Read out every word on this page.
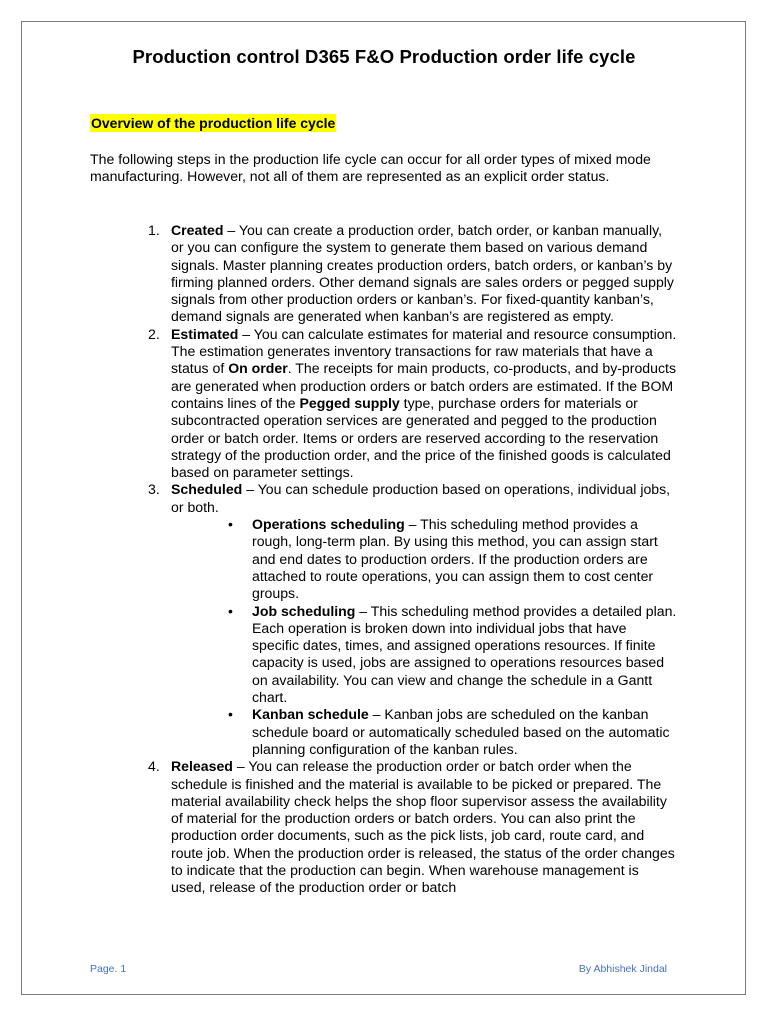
Production control D365 F&O Production order life cycle
Overview of the production life cycle
The following steps in the production life cycle can occur for all order types of mixed mode manufacturing. However, not all of them are represented as an explicit order status.
1. Created – You can create a production order, batch order, or kanban manually, or you can configure the system to generate them based on various demand signals. Master planning creates production orders, batch orders, or kanban’s by firming planned orders. Other demand signals are sales orders or pegged supply signals from other production orders or kanban’s. For fixed-quantity kanban’s, demand signals are generated when kanban’s are registered as empty.
2. Estimated – You can calculate estimates for material and resource consumption. The estimation generates inventory transactions for raw materials that have a status of On order. The receipts for main products, co-products, and by-products are generated when production orders or batch orders are estimated. If the BOM contains lines of the Pegged supply type, purchase orders for materials or subcontracted operation services are generated and pegged to the production order or batch order. Items or orders are reserved according to the reservation strategy of the production order, and the price of the finished goods is calculated based on parameter settings.
3. Scheduled – You can schedule production based on operations, individual jobs, or both.
• Operations scheduling – This scheduling method provides a rough, long-term plan. By using this method, you can assign start and end dates to production orders. If the production orders are attached to route operations, you can assign them to cost center groups.
• Job scheduling – This scheduling method provides a detailed plan. Each operation is broken down into individual jobs that have specific dates, times, and assigned operations resources. If finite capacity is used, jobs are assigned to operations resources based on availability. You can view and change the schedule in a Gantt chart.
• Kanban schedule – Kanban jobs are scheduled on the kanban schedule board or automatically scheduled based on the automatic planning configuration of the kanban rules.
4. Released – You can release the production order or batch order when the schedule is finished and the material is available to be picked or prepared. The material availability check helps the shop floor supervisor assess the availability of material for the production orders or batch orders. You can also print the production order documents, such as the pick lists, job card, route card, and route job. When the production order is released, the status of the order changes to indicate that the production can begin. When warehouse management is used, release of the production order or batch
Page. 1	By Abhishek Jindal
